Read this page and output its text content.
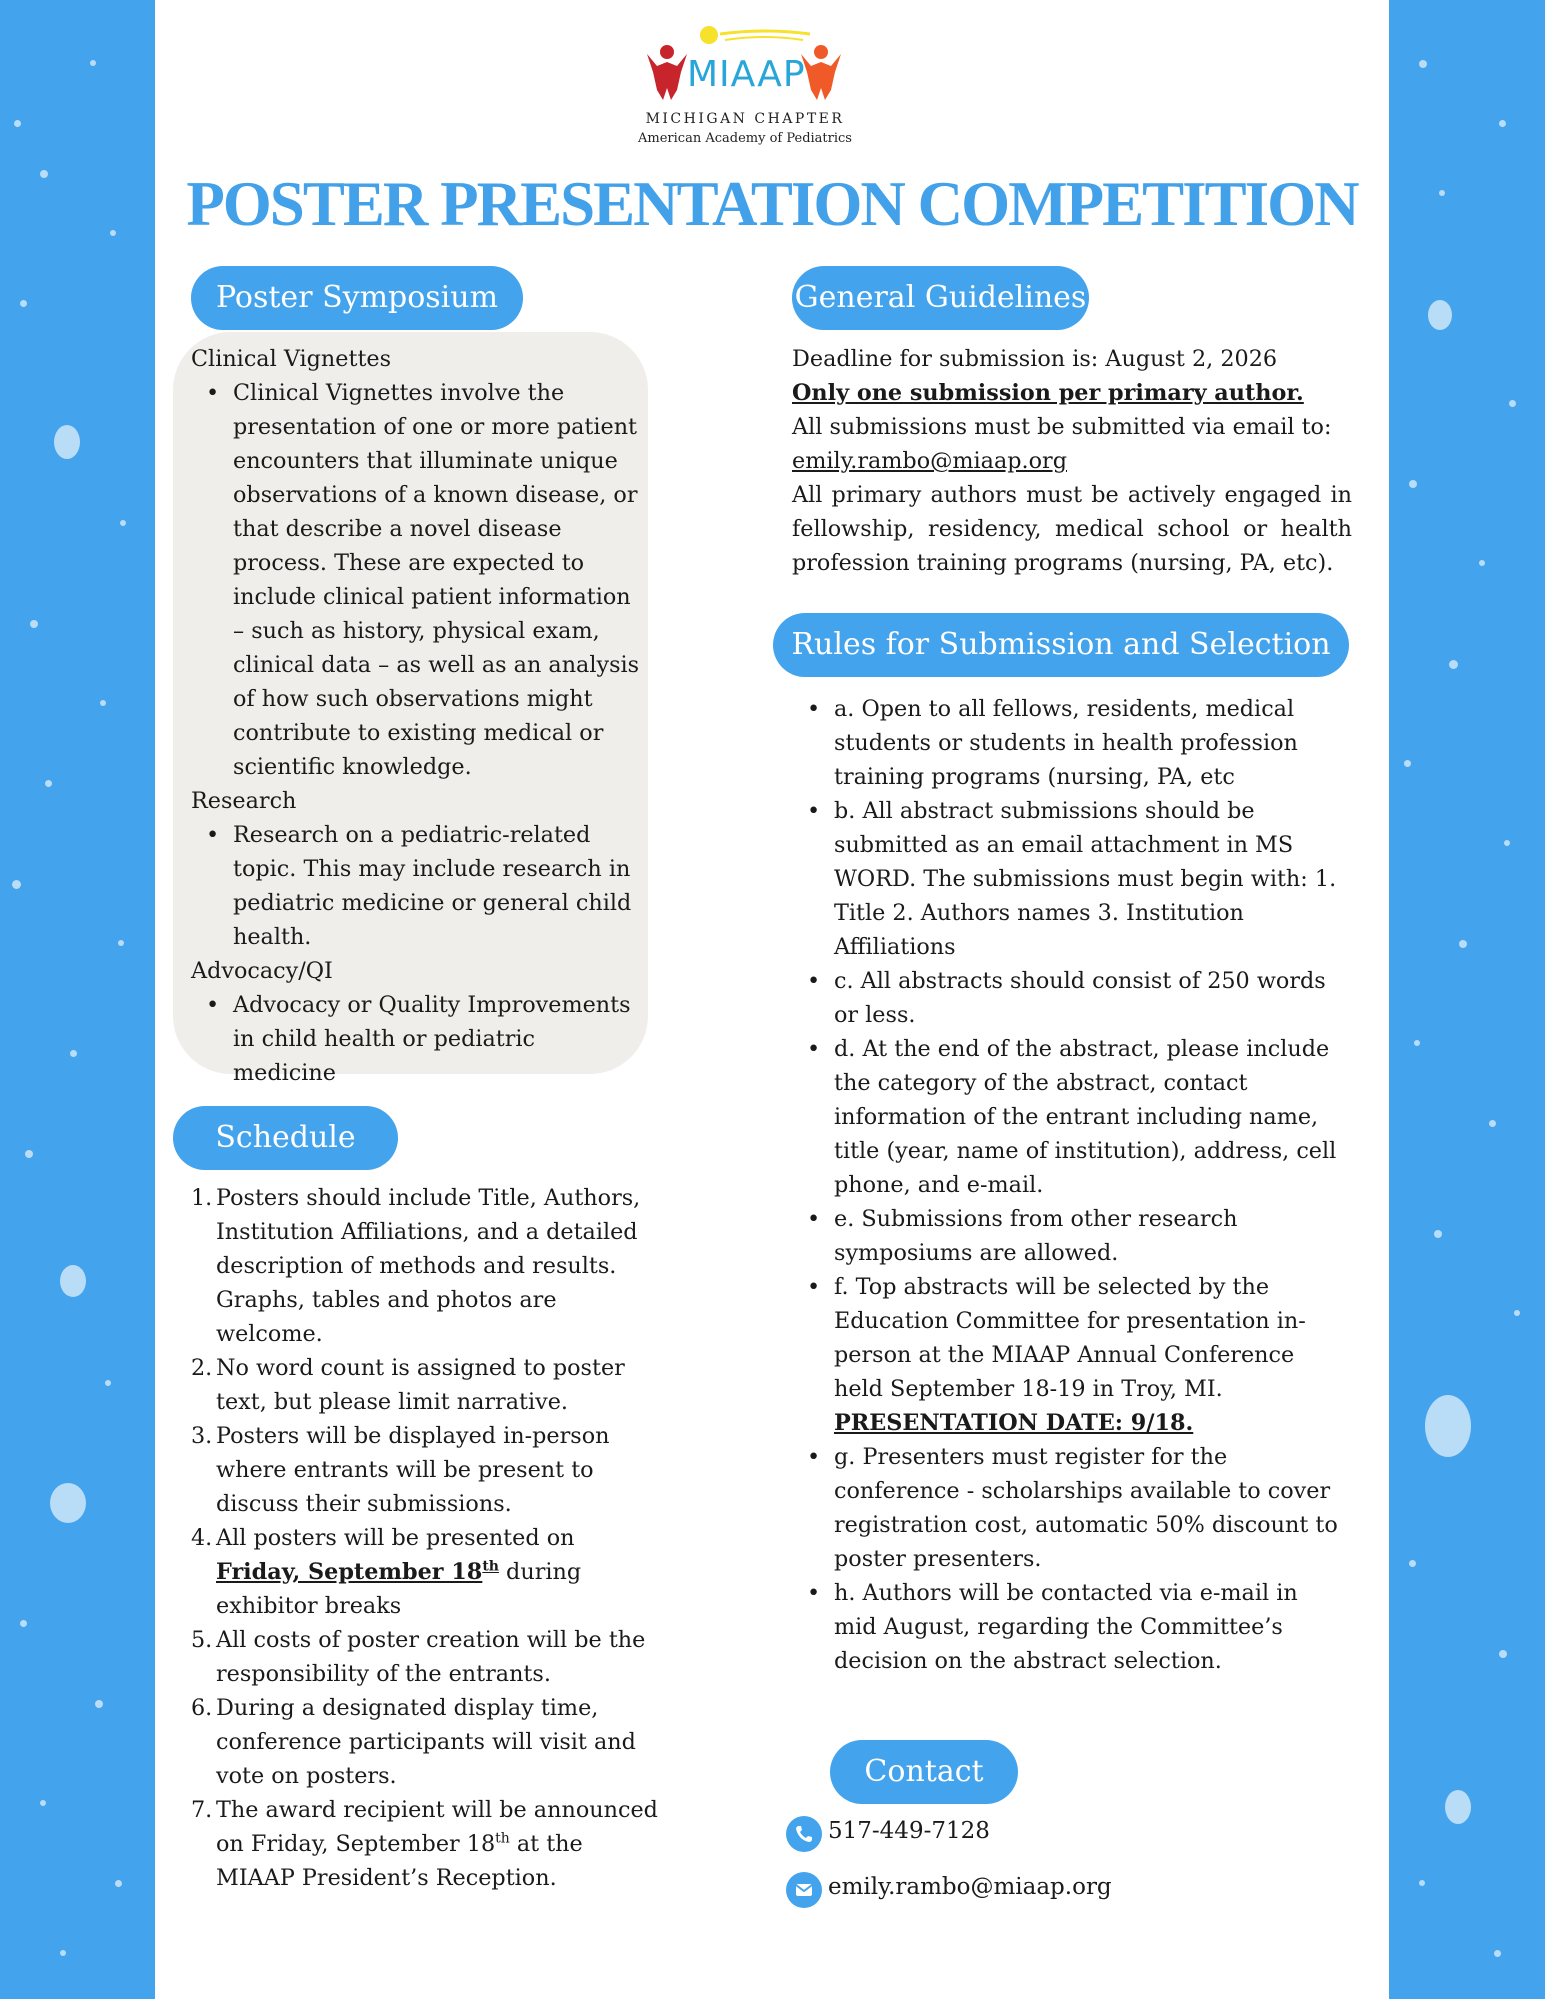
MIAAP
MICHIGAN CHAPTER
American Academy of Pediatrics
POSTER PRESENTATION COMPETITION
Poster Symposium

Clinical Vignettes

• Clinical Vignettes involve the presentation of one or more patient encounters that illuminate unique observations of a known disease, or that describe a novel disease process. These are expected to include clinical patient information – such as history, physical exam, clinical data – as well as an analysis of how such observations might contribute to existing medical or scientific knowledge.

Research

• Research on a pediatric-related topic. This may include research in pediatric medicine or general child health.

Advocacy/QI

• Advocacy or Quality Improvements in child health or pediatric medicine
Schedule
1. Posters should include Title, Authors, Institution Affiliations, and a detailed description of methods and results. Graphs, tables and photos are welcome.
2. No word count is assigned to poster text, but please limit narrative.
3. Posters will be displayed in-person where entrants will be present to discuss their submissions.
4. All posters will be presented on Friday, September 18th during exhibitor breaks
5. All costs of poster creation will be the responsibility of the entrants.
6. During a designated display time, conference participants will visit and vote on posters.
7. The award recipient will be announced on Friday, September 18th at the MIAAP President’s Reception.
General Guidelines

Deadline for submission is: August 2, 2026

Only one submission per primary author.

All submissions must be submitted via email to:

emily.rambo@miaap.org

All primary authors must be actively engaged in fellowship, residency, medical school or health profession training programs (nursing, PA, etc).

Rules for Submission and Selection
• a. Open to all fellows, residents, medical students or students in health profession training programs (nursing, PA, etc
• b. All abstract submissions should be submitted as an email attachment in MS WORD. The submissions must begin with: 1. Title 2. Authors names 3. Institution Affiliations
• c. All abstracts should consist of 250 words or less.
• d. At the end of the abstract, please include the category of the abstract, contact information of the entrant including name, title (year, name of institution), address, cell phone, and e-mail.
• e. Submissions from other research symposiums are allowed.
• f. Top abstracts will be selected by the Education Committee for presentation in-person at the MIAAP Annual Conference held September 18-19 in Troy, MI. PRESENTATION DATE: 9/18.
• g. Presenters must register for the conference - scholarships available to cover registration cost, automatic 50% discount to poster presenters.
• h. Authors will be contacted via e-mail in mid August, regarding the Committee’s decision on the abstract selection.
Contact
517-449-7128
emily.rambo@miaap.org
